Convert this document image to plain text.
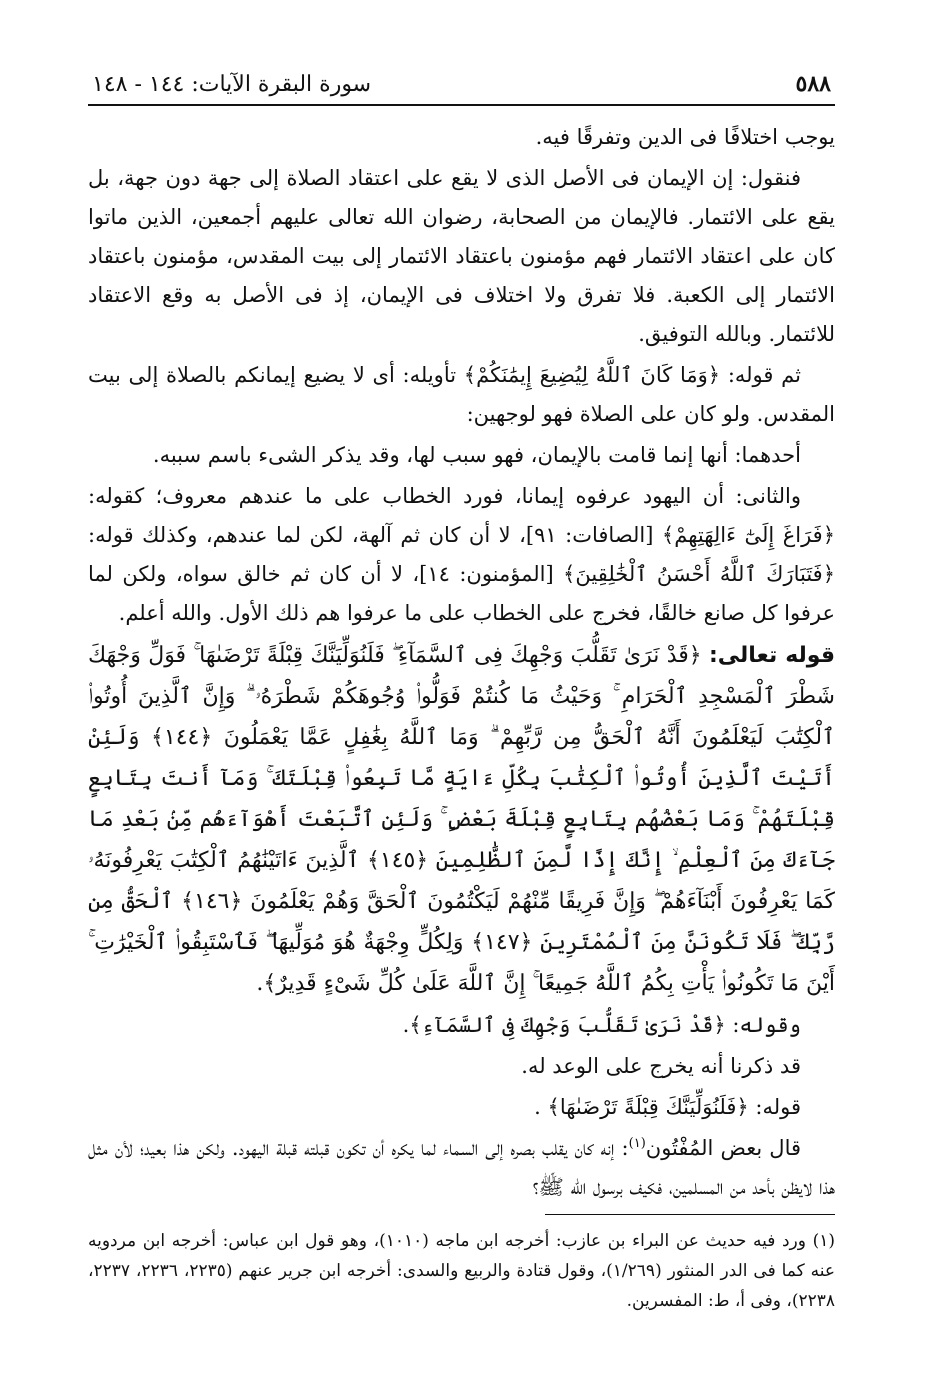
٥٨٨
سورة البقرة الآيات: ١٤٤ - ١٤٨

يوجب اختلافًا فى الدين وتفرقًا فيه.

فنقول: إن الإيمان فى الأصل الذى لا يقع على اعتقاد الصلاة إلى جهة دون جهة، بل يقع على الائتمار. فالإيمان من الصحابة، رضوان الله تعالى عليهم أجمعين، الذين ماتوا كان على اعتقاد الائتمار فهم مؤمنون باعتقاد الائتمار إلى بيت المقدس، مؤمنون باعتقاد الائتمار إلى الكعبة. فلا تفرق ولا اختلاف فى الإيمان، إذ فى الأصل به وقع الاعتقاد للائتمار. وبالله التوفيق.

ثم قوله: ﴿وَمَا كَانَ ٱللَّهُ لِيُضِيعَ إِيمَٰنَكُمْ﴾ تأويله: أى لا يضيع إيمانكم بالصلاة إلى بيت المقدس. ولو كان على الصلاة فهو لوجهين:

أحدهما: أنها إنما قامت بالإيمان، فهو سبب لها، وقد يذكر الشىء باسم سببه.

والثانى: أن اليهود عرفوه إيمانا، فورد الخطاب على ما عندهم معروف؛ كقوله: ﴿فَرَاغَ إِلَىٰٓ ءَالِهَتِهِمْ﴾ [الصافات: ٩١]، لا أن كان ثم آلهة، لكن لما عندهم، وكذلك قوله: ﴿فَتَبَارَكَ ٱللَّهُ أَحْسَنُ ٱلْخَٰلِقِينَ﴾ [المؤمنون: ١٤]، لا أن كان ثم خالق سواه، ولكن لما عرفوا كل صانع خالقًا، فخرج على الخطاب على ما عرفوا هم ذلك الأول. والله أعلم.

قوله تعالى: ﴿قَدْ نَرَىٰ تَقَلُّبَ وَجْهِكَ فِى ٱلسَّمَآءِ ۖ فَلَنُوَلِّيَنَّكَ قِبْلَةً تَرْضَىٰهَا ۚ فَوَلِّ وَجْهَكَ شَطْرَ ٱلْمَسْجِدِ ٱلْحَرَامِ ۚ وَحَيْثُ مَا كُنتُمْ فَوَلُّوا۟ وُجُوهَكُمْ شَطْرَهُۥ ۗ وَإِنَّ ٱلَّذِينَ أُوتُوا۟ ٱلْكِتَٰبَ لَيَعْلَمُونَ أَنَّهُ ٱلْحَقُّ مِن رَّبِّهِمْ ۗ وَمَا ٱللَّهُ بِغَٰفِلٍ عَمَّا يَعْمَلُونَ ﴿١٤٤﴾ وَلَئِنْ أَتَيْتَ ٱلَّذِينَ أُوتُوا۟ ٱلْكِتَٰبَ بِكُلِّ ءَايَةٍ مَّا تَبِعُوا۟ قِبْلَتَكَ ۚ وَمَآ أَنتَ بِتَابِعٍ قِبْلَتَهُمْ ۚ وَمَا بَعْضُهُم بِتَابِعٍ قِبْلَةَ بَعْضٍ ۚ وَلَئِنِ ٱتَّبَعْتَ أَهْوَآءَهُم مِّنۢ بَعْدِ مَا جَآءَكَ مِنَ ٱلْعِلْمِ ۙ إِنَّكَ إِذًا لَّمِنَ ٱلظَّٰلِمِينَ ﴿١٤٥﴾ ٱلَّذِينَ ءَاتَيْنَٰهُمُ ٱلْكِتَٰبَ يَعْرِفُونَهُۥ كَمَا يَعْرِفُونَ أَبْنَآءَهُمْ ۖ وَإِنَّ فَرِيقًا مِّنْهُمْ لَيَكْتُمُونَ ٱلْحَقَّ وَهُمْ يَعْلَمُونَ ﴿١٤٦﴾ ٱلْحَقُّ مِن رَّبِّكَ ۖ فَلَا تَكُونَنَّ مِنَ ٱلْمُمْتَرِينَ ﴿١٤٧﴾ وَلِكُلٍّ وِجْهَةٌ هُوَ مُوَلِّيهَا ۖ فَٱسْتَبِقُوا۟ ٱلْخَيْرَٰتِ ۚ أَيْنَ مَا تَكُونُوا۟ يَأْتِ بِكُمُ ٱللَّهُ جَمِيعًا ۚ إِنَّ ٱللَّهَ عَلَىٰ كُلِّ شَىْءٍ قَدِيرٌ﴾.

وقوله: ﴿قَدْ نَرَىٰ تَقَلُّبَ وَجْهِكَ فِى ٱلسَّمَآءِ﴾.

قد ذكرنا أنه يخرج على الوعد له.

قوله: ﴿فَلَنُوَلِّيَنَّكَ قِبْلَةً تَرْضَىٰهَا﴾ .

قال بعض المُفْتُون$^{(١)}$: إنه كان يقلب بصره إلى السماء لما يكره أن تكون قبلته قبلة اليهود. ولكن هذا بعيد؛ لأن مثل هذا لايظن بأحد من المسلمين، فكيف برسول الله ﷺ؟

(١) ورد فيه حديث عن البراء بن عازب: أخرجه ابن ماجه (١٠١٠)، وهو قول ابن عباس: أخرجه ابن مردويه عنه كما فى الدر المنثور (١/٢٦٩)، وقول قتادة والربيع والسدى: أخرجه ابن جرير عنهم (٢٢٣٥، ٢٢٣٦، ٢٢٣٧، ٢٢٣٨)، وفى أ، ط: المفسرين.
